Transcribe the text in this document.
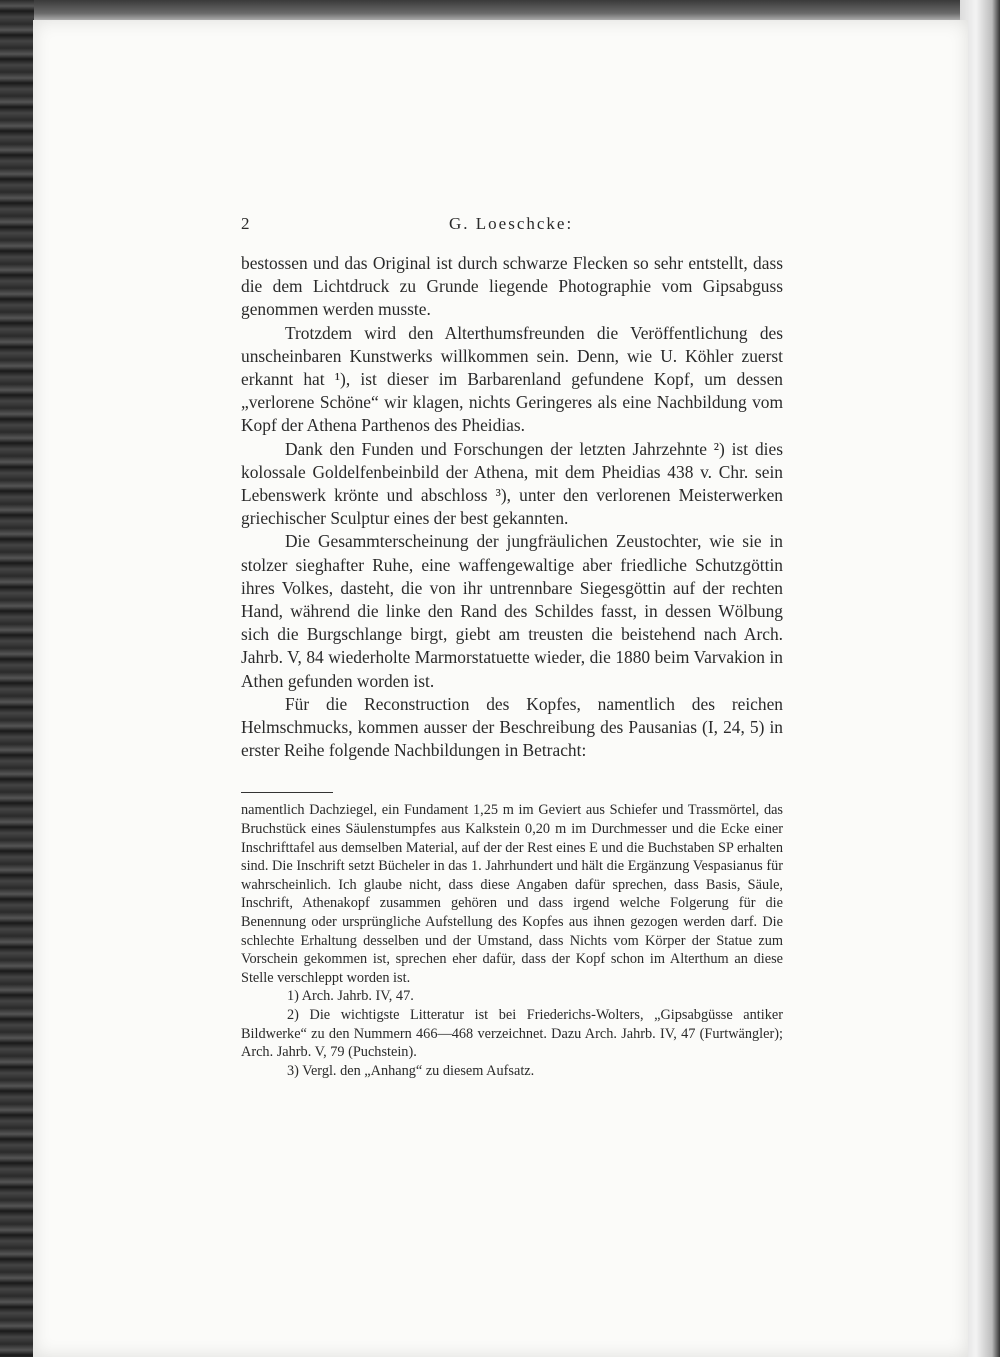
2	G. Loeschcke:

bestossen und das Original ist durch schwarze Flecken so sehr entstellt, dass die dem Lichtdruck zu Grunde liegende Photographie vom Gipsabguss genommen werden musste.

Trotzdem wird den Alterthumsfreunden die Veröffentlichung des unscheinbaren Kunstwerks willkommen sein. Denn, wie U. Köhler zuerst erkannt hat ¹), ist dieser im Barbarenland gefundene Kopf, um dessen „verlorene Schöne“ wir klagen, nichts Geringeres als eine Nachbildung vom Kopf der Athena Parthenos des Pheidias.

Dank den Funden und Forschungen der letzten Jahrzehnte ²) ist dies kolossale Goldelfenbeinbild der Athena, mit dem Pheidias 438 v. Chr. sein Lebenswerk krönte und abschloss ³), unter den verlorenen Meisterwerken griechischer Sculptur eines der best gekannten.

Die Gesammterscheinung der jungfräulichen Zeustochter, wie sie in stolzer sieghafter Ruhe, eine waffengewaltige aber friedliche Schutzgöttin ihres Volkes, dasteht, die von ihr untrennbare Siegesgöttin auf der rechten Hand, während die linke den Rand des Schildes fasst, in dessen Wölbung sich die Burgschlange birgt, giebt am treusten die beistehend nach Arch. Jahrb. V, 84 wiederholte Marmorstatuette wieder, die 1880 beim Varvakion in Athen gefunden worden ist.

Für die Reconstruction des Kopfes, namentlich des reichen Helmschmucks, kommen ausser der Beschreibung des Pausanias (I, 24, 5) in erster Reihe folgende Nachbildungen in Betracht:

namentlich Dachziegel, ein Fundament 1,25 m im Geviert aus Schiefer und Trassmörtel, das Bruchstück eines Säulenstumpfes aus Kalkstein 0,20 m im Durchmesser und die Ecke einer Inschrifttafel aus demselben Material, auf der der Rest eines E und die Buchstaben SP erhalten sind. Die Inschrift setzt Bücheler in das 1. Jahrhundert und hält die Ergänzung Vespasianus für wahrscheinlich. Ich glaube nicht, dass diese Angaben dafür sprechen, dass Basis, Säule, Inschrift, Athenakopf zusammen gehören und dass irgend welche Folgerung für die Benennung oder ursprüngliche Aufstellung des Kopfes aus ihnen gezogen werden darf. Die schlechte Erhaltung desselben und der Umstand, dass Nichts vom Körper der Statue zum Vorschein gekommen ist, sprechen eher dafür, dass der Kopf schon im Alterthum an diese Stelle verschleppt worden ist.

1) Arch. Jahrb. IV, 47.

2) Die wichtigste Litteratur ist bei Friederichs-Wolters, „Gipsabgüsse antiker Bildwerke“ zu den Nummern 466—468 verzeichnet. Dazu Arch. Jahrb. IV, 47 (Furtwängler); Arch. Jahrb. V, 79 (Puchstein).

3) Vergl. den „Anhang“ zu diesem Aufsatz.
